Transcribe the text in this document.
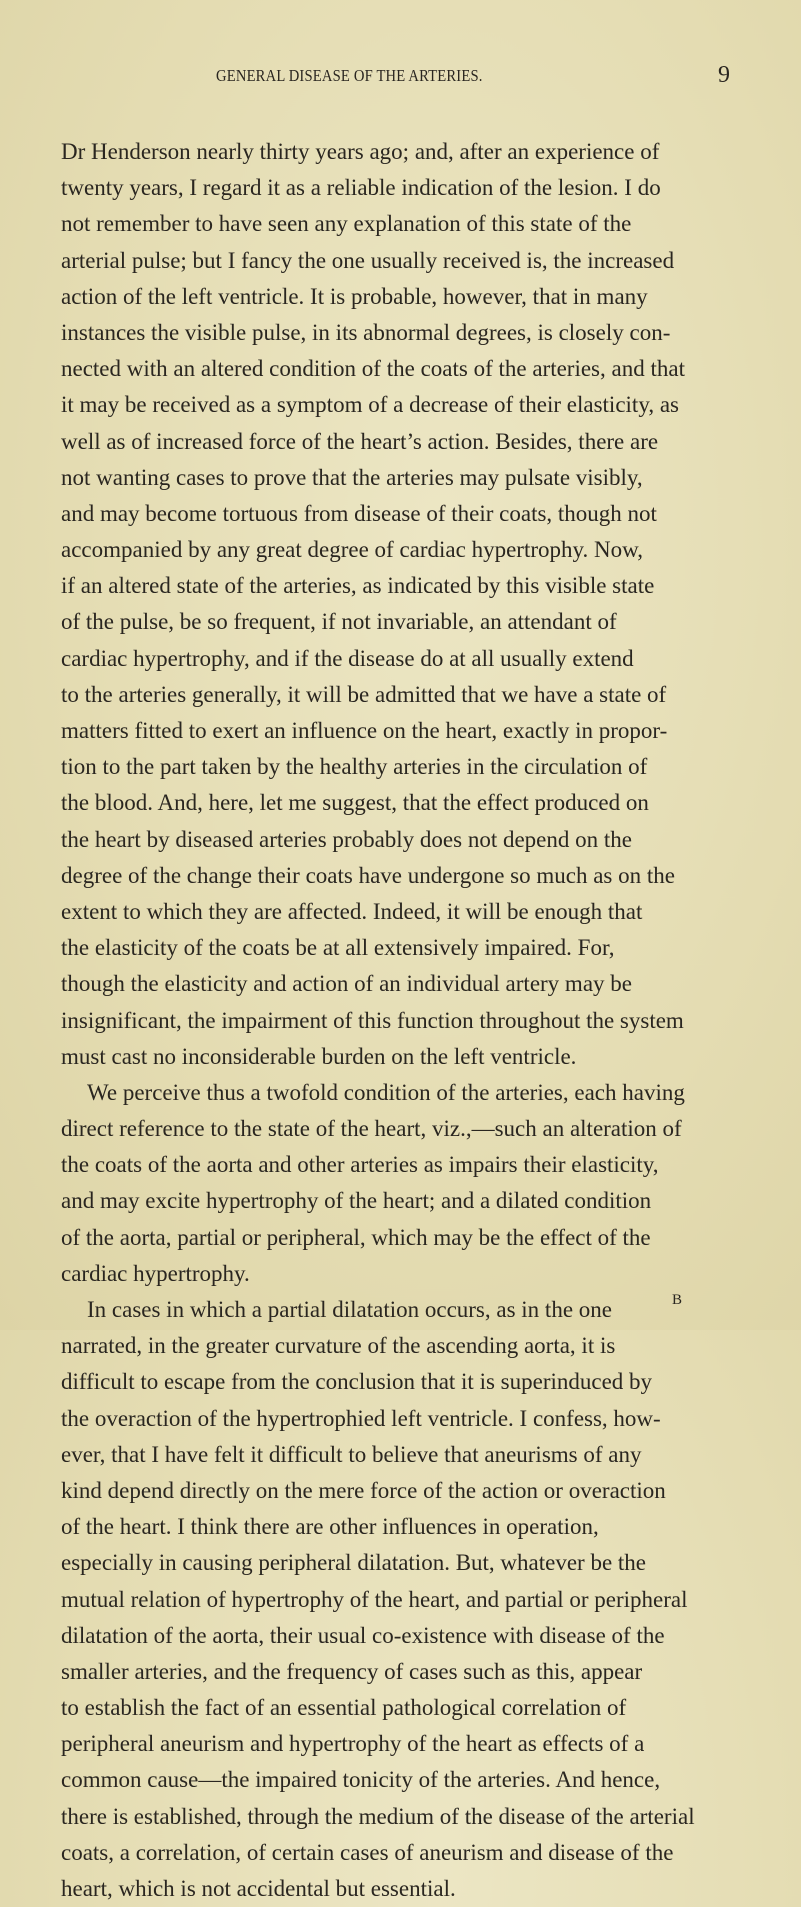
GENERAL DISEASE OF THE ARTERIES.	9
Dr Henderson nearly thirty years ago; and, after an experience of
twenty years, I regard it as a reliable indication of the lesion. I do
not remember to have seen any explanation of this state of the
arterial pulse; but I fancy the one usually received is, the increased
action of the left ventricle. It is probable, however, that in many
instances the visible pulse, in its abnormal degrees, is closely con-
nected with an altered condition of the coats of the arteries, and that
it may be received as a symptom of a decrease of their elasticity, as
well as of increased force of the heart’s action. Besides, there are
not wanting cases to prove that the arteries may pulsate visibly,
and may become tortuous from disease of their coats, though not
accompanied by any great degree of cardiac hypertrophy. Now,
if an altered state of the arteries, as indicated by this visible state
of the pulse, be so frequent, if not invariable, an attendant of
cardiac hypertrophy, and if the disease do at all usually extend
to the arteries generally, it will be admitted that we have a state of
matters fitted to exert an influence on the heart, exactly in propor-
tion to the part taken by the healthy arteries in the circulation of
the blood. And, here, let me suggest, that the effect produced on
the heart by diseased arteries probably does not depend on the
degree of the change their coats have undergone so much as on the
extent to which they are affected. Indeed, it will be enough that
the elasticity of the coats be at all extensively impaired. For,
though the elasticity and action of an individual artery may be
insignificant, the impairment of this function throughout the system
must cast no inconsiderable burden on the left ventricle.
We perceive thus a twofold condition of the arteries, each having
direct reference to the state of the heart, viz.,—such an alteration of
the coats of the aorta and other arteries as impairs their elasticity,
and may excite hypertrophy of the heart; and a dilated condition
of the aorta, partial or peripheral, which may be the effect of the
cardiac hypertrophy.
In cases in which a partial dilatation occurs, as in the one
narrated, in the greater curvature of the ascending aorta, it is
difficult to escape from the conclusion that it is superinduced by
the overaction of the hypertrophied left ventricle. I confess, how-
ever, that I have felt it difficult to believe that aneurisms of any
kind depend directly on the mere force of the action or overaction
of the heart. I think there are other influences in operation,
especially in causing peripheral dilatation. But, whatever be the
mutual relation of hypertrophy of the heart, and partial or peripheral
dilatation of the aorta, their usual co-existence with disease of the
smaller arteries, and the frequency of cases such as this, appear
to establish the fact of an essential pathological correlation of
peripheral aneurism and hypertrophy of the heart as effects of a
common cause—the impaired tonicity of the arteries. And hence,
there is established, through the medium of the disease of the arterial
coats, a correlation, of certain cases of aneurism and disease of the
heart, which is not accidental but essential.
B
